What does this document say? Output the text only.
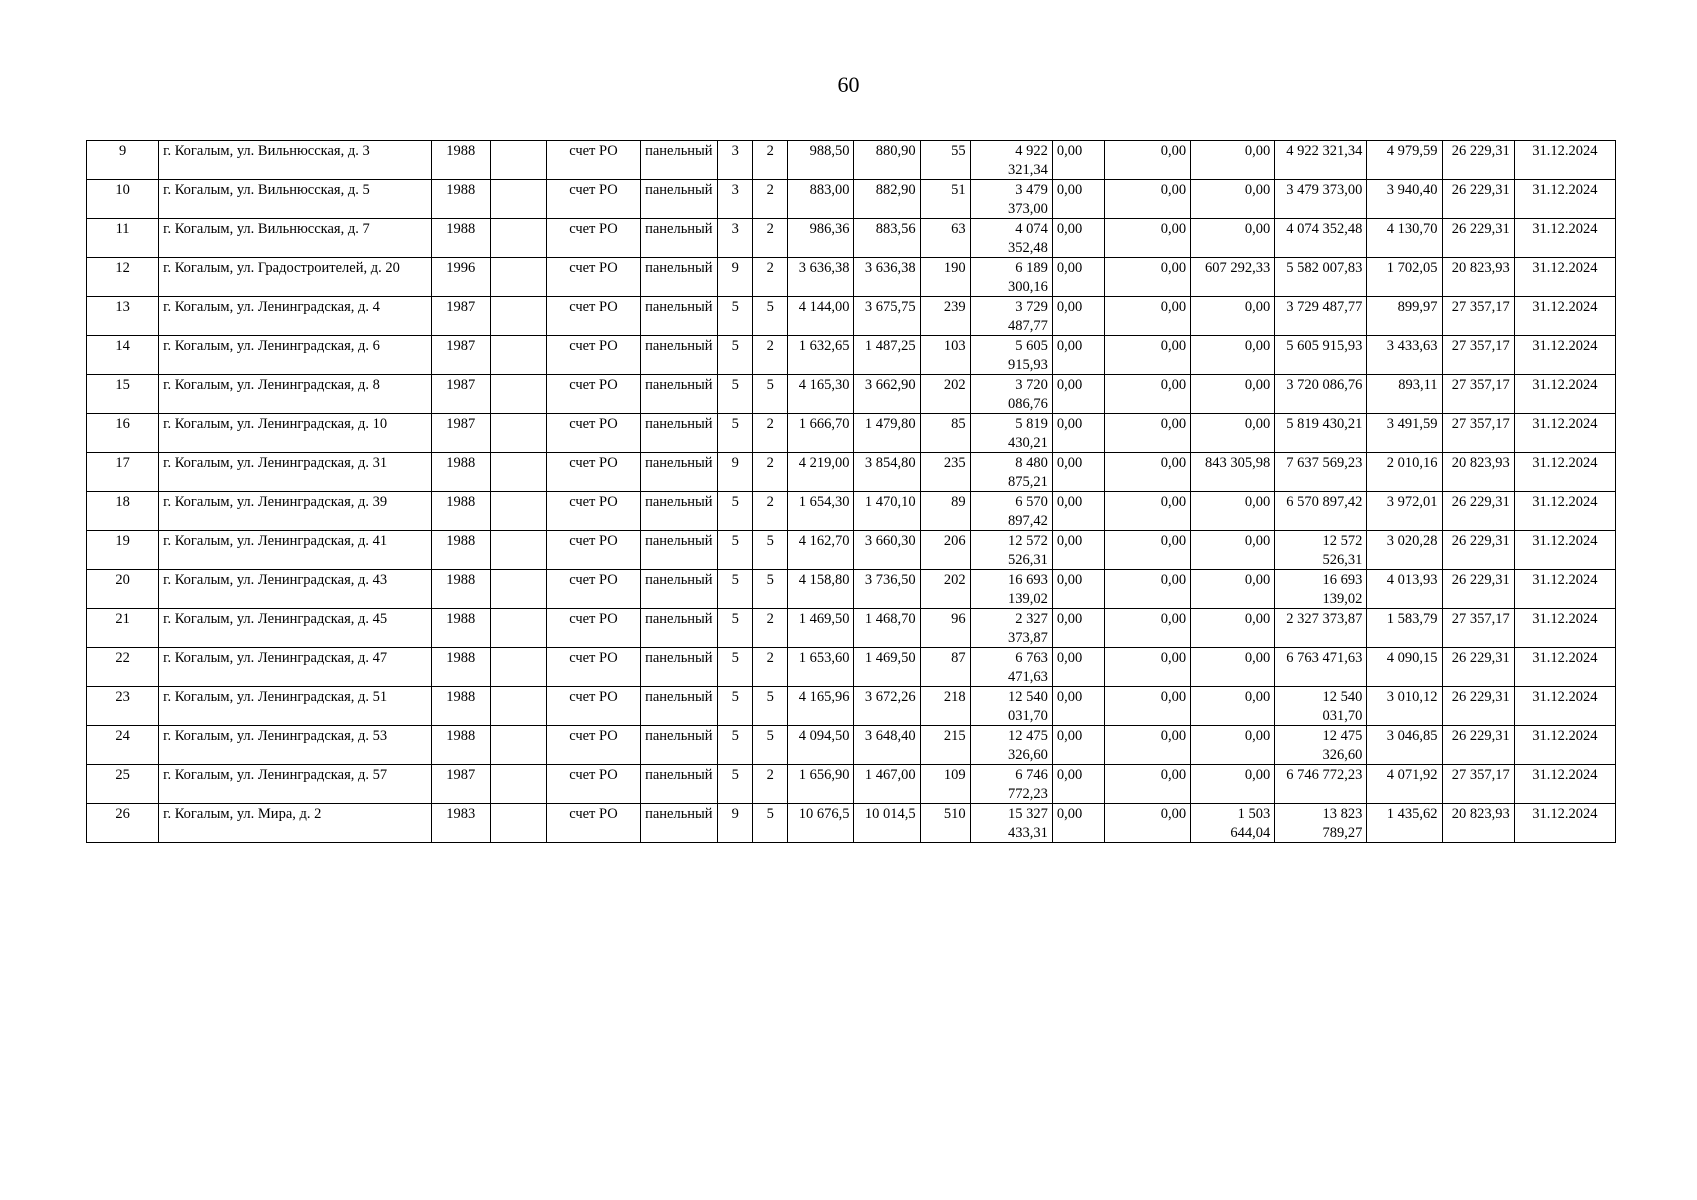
60
9	г. Когалым, ул. Вильнюсская, д. 3	1988		счет РО	панельный	3	2	988,50	880,90	55	4 922 321,34	0,00	0,00	0,00	4 922 321,34	4 979,59	26 229,31	31.12.2024
10	г. Когалым, ул. Вильнюсская, д. 5	1988		счет РО	панельный	3	2	883,00	882,90	51	3 479 373,00	0,00	0,00	0,00	3 479 373,00	3 940,40	26 229,31	31.12.2024
11	г. Когалым, ул. Вильнюсская, д. 7	1988		счет РО	панельный	3	2	986,36	883,56	63	4 074 352,48	0,00	0,00	0,00	4 074 352,48	4 130,70	26 229,31	31.12.2024
12	г. Когалым, ул. Градостроителей, д. 20	1996		счет РО	панельный	9	2	3 636,38	3 636,38	190	6 189 300,16	0,00	0,00	607 292,33	5 582 007,83	1 702,05	20 823,93	31.12.2024
13	г. Когалым, ул. Ленинградская, д. 4	1987		счет РО	панельный	5	5	4 144,00	3 675,75	239	3 729 487,77	0,00	0,00	0,00	3 729 487,77	899,97	27 357,17	31.12.2024
14	г. Когалым, ул. Ленинградская, д. 6	1987		счет РО	панельный	5	2	1 632,65	1 487,25	103	5 605 915,93	0,00	0,00	0,00	5 605 915,93	3 433,63	27 357,17	31.12.2024
15	г. Когалым, ул. Ленинградская, д. 8	1987		счет РО	панельный	5	5	4 165,30	3 662,90	202	3 720 086,76	0,00	0,00	0,00	3 720 086,76	893,11	27 357,17	31.12.2024
16	г. Когалым, ул. Ленинградская, д. 10	1987		счет РО	панельный	5	2	1 666,70	1 479,80	85	5 819 430,21	0,00	0,00	0,00	5 819 430,21	3 491,59	27 357,17	31.12.2024
17	г. Когалым, ул. Ленинградская, д. 31	1988		счет РО	панельный	9	2	4 219,00	3 854,80	235	8 480 875,21	0,00	0,00	843 305,98	7 637 569,23	2 010,16	20 823,93	31.12.2024
18	г. Когалым, ул. Ленинградская, д. 39	1988		счет РО	панельный	5	2	1 654,30	1 470,10	89	6 570 897,42	0,00	0,00	0,00	6 570 897,42	3 972,01	26 229,31	31.12.2024
19	г. Когалым, ул. Ленинградская, д. 41	1988		счет РО	панельный	5	5	4 162,70	3 660,30	206	12 572 526,31	0,00	0,00	0,00	12 572 526,31	3 020,28	26 229,31	31.12.2024
20	г. Когалым, ул. Ленинградская, д. 43	1988		счет РО	панельный	5	5	4 158,80	3 736,50	202	16 693 139,02	0,00	0,00	0,00	16 693 139,02	4 013,93	26 229,31	31.12.2024
21	г. Когалым, ул. Ленинградская, д. 45	1988		счет РО	панельный	5	2	1 469,50	1 468,70	96	2 327 373,87	0,00	0,00	0,00	2 327 373,87	1 583,79	27 357,17	31.12.2024
22	г. Когалым, ул. Ленинградская, д. 47	1988		счет РО	панельный	5	2	1 653,60	1 469,50	87	6 763 471,63	0,00	0,00	0,00	6 763 471,63	4 090,15	26 229,31	31.12.2024
23	г. Когалым, ул. Ленинградская, д. 51	1988		счет РО	панельный	5	5	4 165,96	3 672,26	218	12 540 031,70	0,00	0,00	0,00	12 540 031,70	3 010,12	26 229,31	31.12.2024
24	г. Когалым, ул. Ленинградская, д. 53	1988		счет РО	панельный	5	5	4 094,50	3 648,40	215	12 475 326,60	0,00	0,00	0,00	12 475 326,60	3 046,85	26 229,31	31.12.2024
25	г. Когалым, ул. Ленинградская, д. 57	1987		счет РО	панельный	5	2	1 656,90	1 467,00	109	6 746 772,23	0,00	0,00	0,00	6 746 772,23	4 071,92	27 357,17	31.12.2024
26	г. Когалым, ул. Мира, д. 2	1983		счет РО	панельный	9	5	10 676,5	10 014,5	510	15 327 433,31	0,00	0,00	1 503 644,04	13 823 789,27	1 435,62	20 823,93	31.12.2024
